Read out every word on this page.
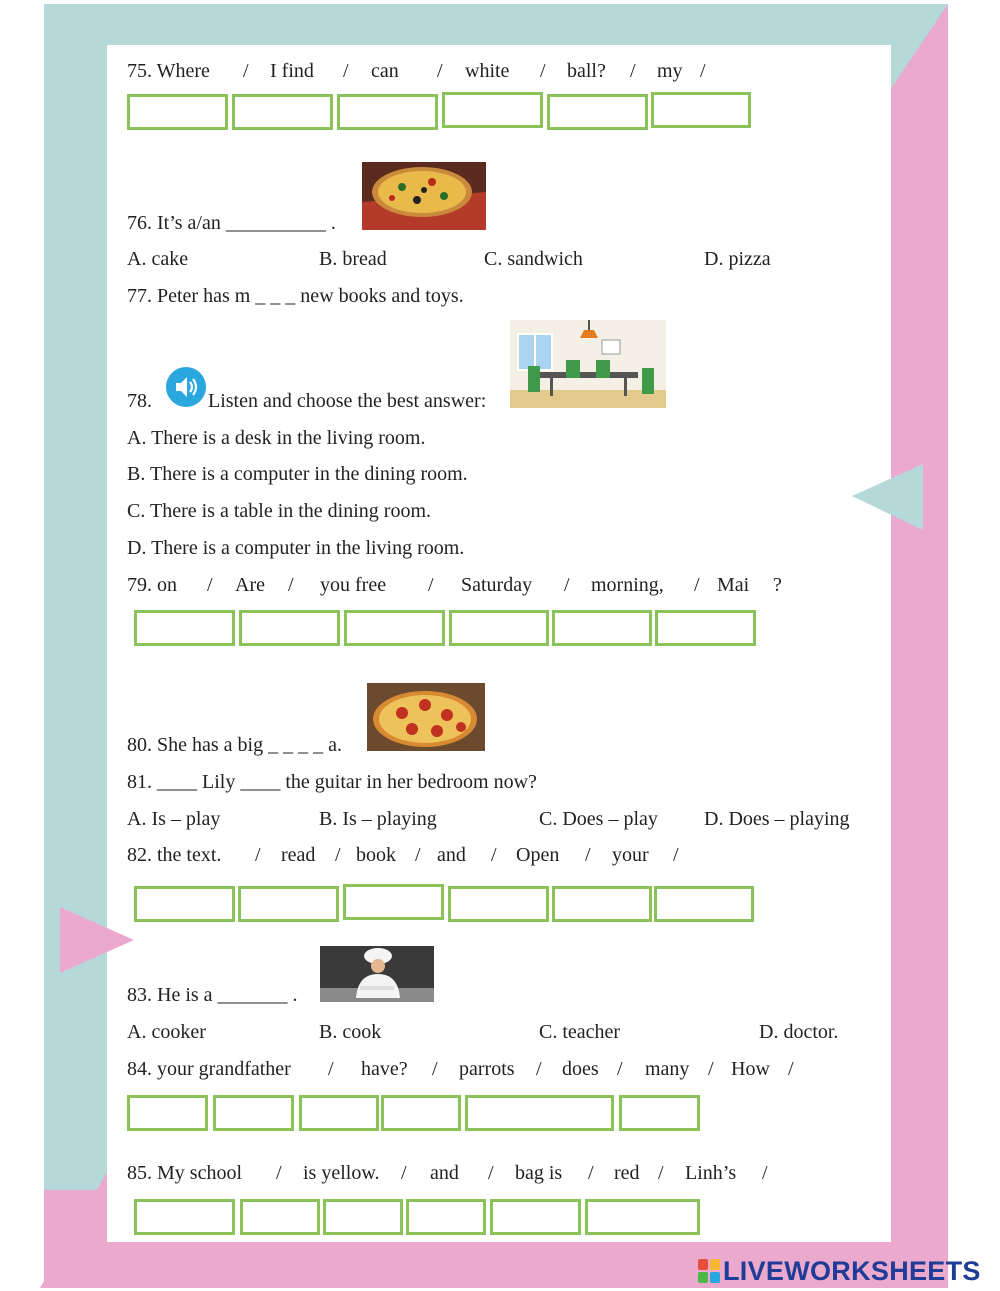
75. Where / I find / can / white / ball? / my /
76. It’s a/an __________ .
A. cake	B. bread	C. sandwich	D. pizza
77. Peter has m _ _ _ new books and toys.
78.	Listen and choose the best answer:
A. There is a desk in the living room.
B. There is a computer in the dining room.
C. There is a table in the dining room.
D. There is a computer in the living room.
79. on / Are / you free / Saturday / morning, / Mai ?
80. She has a big _ _ _ _ a.
81. ____ Lily ____ the guitar in her bedroom now?
A. Is – play	B. Is – playing	C. Does – play D. Does – playing
82. the text. / read / book / and / Open / your /
83. He is a _______ .
A. cooker	B. cook	C. teacher	D. doctor.
84. your grandfather / have? / parrots / does / many / How /
85. My school / is yellow. / and / bag is / red / Linh’s /
LIVEWORKSHEETS
